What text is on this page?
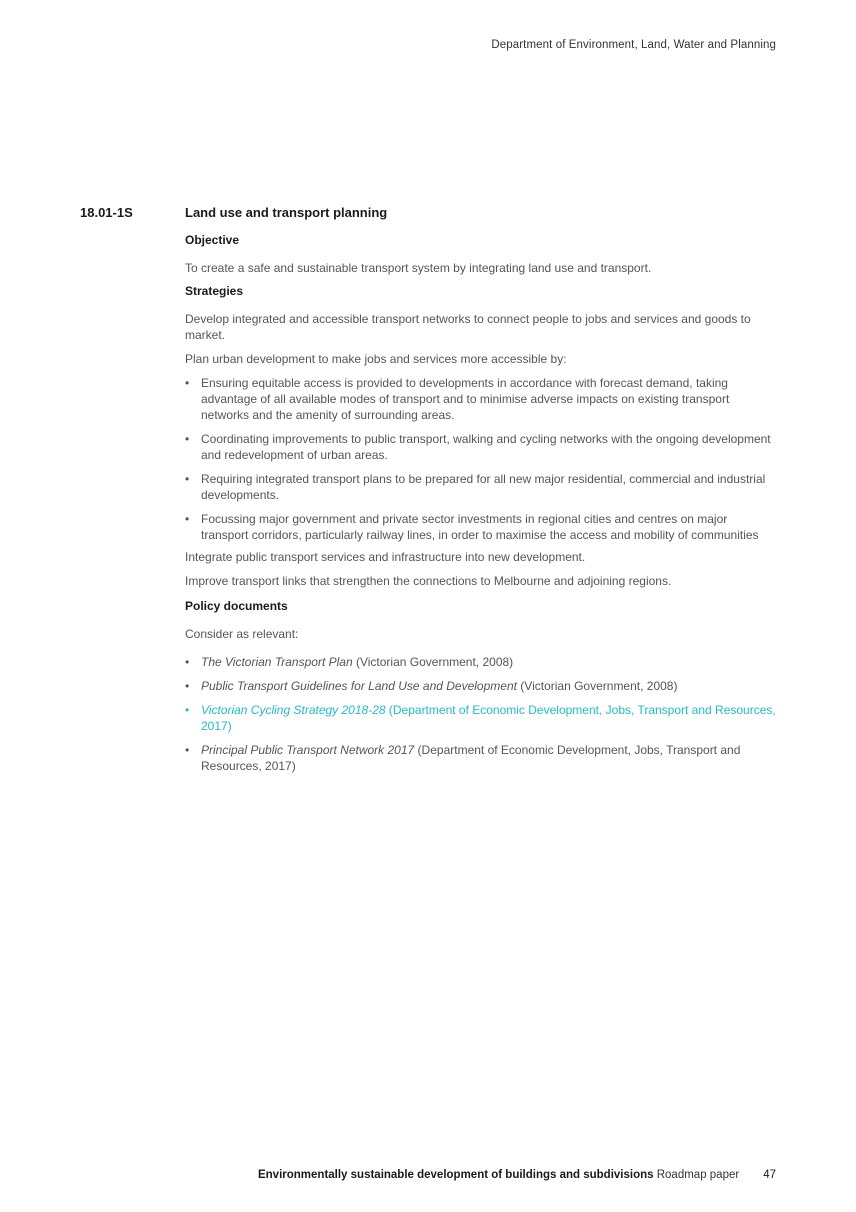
Department of Environment, Land, Water and Planning
18.01-1S	Land use and transport planning
Objective

To create a safe and sustainable transport system by integrating land use and transport.

Strategies

Develop integrated and accessible transport networks to connect people to jobs and services and goods to market.

Plan urban development to make jobs and services more accessible by:

• Ensuring equitable access is provided to developments in accordance with forecast demand, taking advantage of all available modes of transport and to minimise adverse impacts on existing transport networks and the amenity of surrounding areas.
• Coordinating improvements to public transport, walking and cycling networks with the ongoing development and redevelopment of urban areas.
• Requiring integrated transport plans to be prepared for all new major residential, commercial and industrial developments.
• Focussing major government and private sector investments in regional cities and centres on major transport corridors, particularly railway lines, in order to maximise the access and mobility of communities

Integrate public transport services and infrastructure into new development.

Improve transport links that strengthen the connections to Melbourne and adjoining regions.

Policy documents

Consider as relevant:

• The Victorian Transport Plan (Victorian Government, 2008)
• Public Transport Guidelines for Land Use and Development (Victorian Government, 2008)
• Victorian Cycling Strategy 2018-28 (Department of Economic Development, Jobs, Transport and Resources, 2017)
• Principal Public Transport Network 2017 (Department of Economic Development, Jobs, Transport and Resources, 2017)
Environmentally sustainable development of buildings and subdivisions Roadmap paper 47
